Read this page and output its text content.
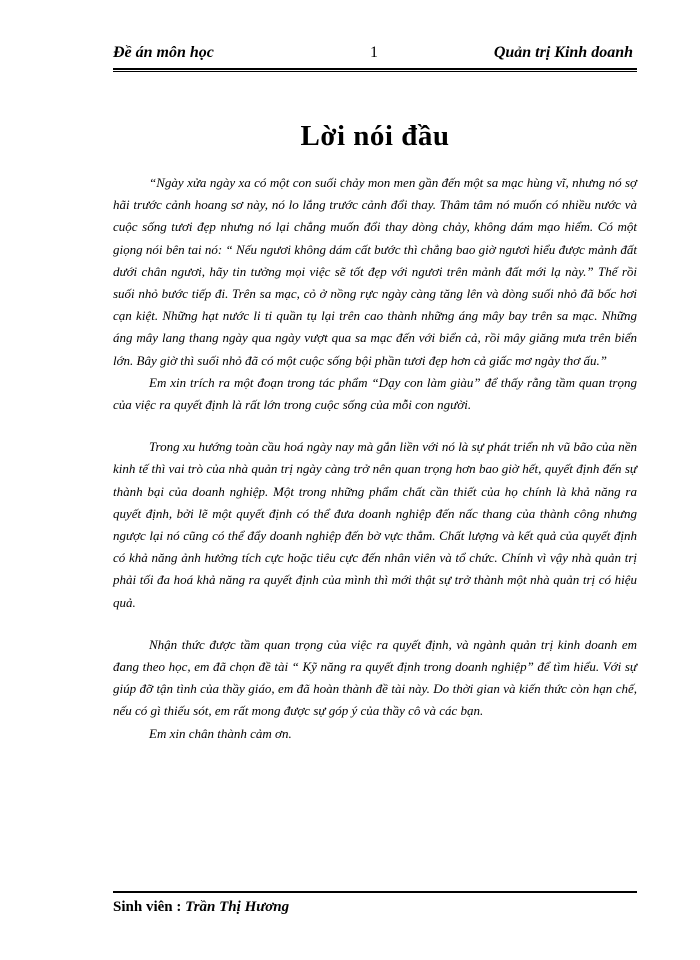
Đề án môn học	1	Quản trị Kinh doanh
Lời nói đầu

“Ngày xửa ngày xa có một con suối chảy mon men gần đến một sa mạc hùng vĩ, nhưng nó sợ hãi trước cảnh hoang sơ này, nó lo lắng trước cảnh đổi thay. Thâm tâm nó muốn có nhiều nước và cuộc sống tươi đẹp nhưng nó lại chẳng muốn đổi thay dòng chảy, không dám mạo hiểm. Có một giọng nói bên tai nó: “ Nếu ngươi không dám cất bước thì chẳng bao giờ ngươi hiểu được mảnh đất dưới chân ngươi, hãy tin tưởng mọi việc sẽ tốt đẹp với ngươi trên mảnh đất mới lạ này.” Thế rồi suối nhỏ bước tiếp đi. Trên sa mạc, cỏ ở nồng rực ngày càng tăng lên và dòng suối nhỏ đã bốc hơi cạn kiệt. Những hạt nước li ti quần tụ lại trên cao thành những áng mây bay trên sa mạc. Những áng mây lang thang ngày qua ngày vượt qua sa mạc đến với biển cả, rồi mây giăng mưa trên biển lớn. Bây giờ thì suối nhỏ đã có một cuộc sống bội phần tươi đẹp hơn cả giấc mơ ngày thơ ấu.”

Em xin trích ra một đoạn trong tác phẩm “Dạy con làm giàu” để thấy rằng tầm quan trọng của việc ra quyết định là rất lớn trong cuộc sống của mỗi con người.

Trong xu hướng toàn cầu hoá ngày nay mà gắn liền với nó là sự phát triển nh vũ bão của nền kinh tế thì vai trò của nhà quản trị ngày càng trở nên quan trọng hơn bao giờ hết, quyết định đến sự thành bại của doanh nghiệp. Một trong những phẩm chất cần thiết của họ chính là khả năng ra quyết định, bởi lẽ một quyết định có thể đưa doanh nghiệp đến nấc thang của thành công nhưng ngược lại nó cũng có thể đẩy doanh nghiệp đến bờ vực thẳm. Chất lượng và kết quả của quyết định có khả năng ảnh hưởng tích cực hoặc tiêu cực đến nhân viên và tổ chức. Chính vì vậy nhà quản trị phải tối đa hoá khả năng ra quyết định của mình thì mới thật sự trở thành một nhà quản trị có hiệu quả.

Nhận thức được tầm quan trọng của việc ra quyết định, và ngành quản trị kinh doanh em đang theo học, em đã chọn đề tài “ Kỹ năng ra quyết định trong doanh nghiệp” để tìm hiểu. Với sự giúp đỡ tận tình của thầy giáo, em đã hoàn thành đề tài này. Do thời gian và kiến thức còn hạn chế, nếu có gì thiếu sót, em rất mong được sự góp ý của thầy cô và các bạn.

Em xin chân thành cảm ơn.

Sinh viên : Trần Thị Hương
